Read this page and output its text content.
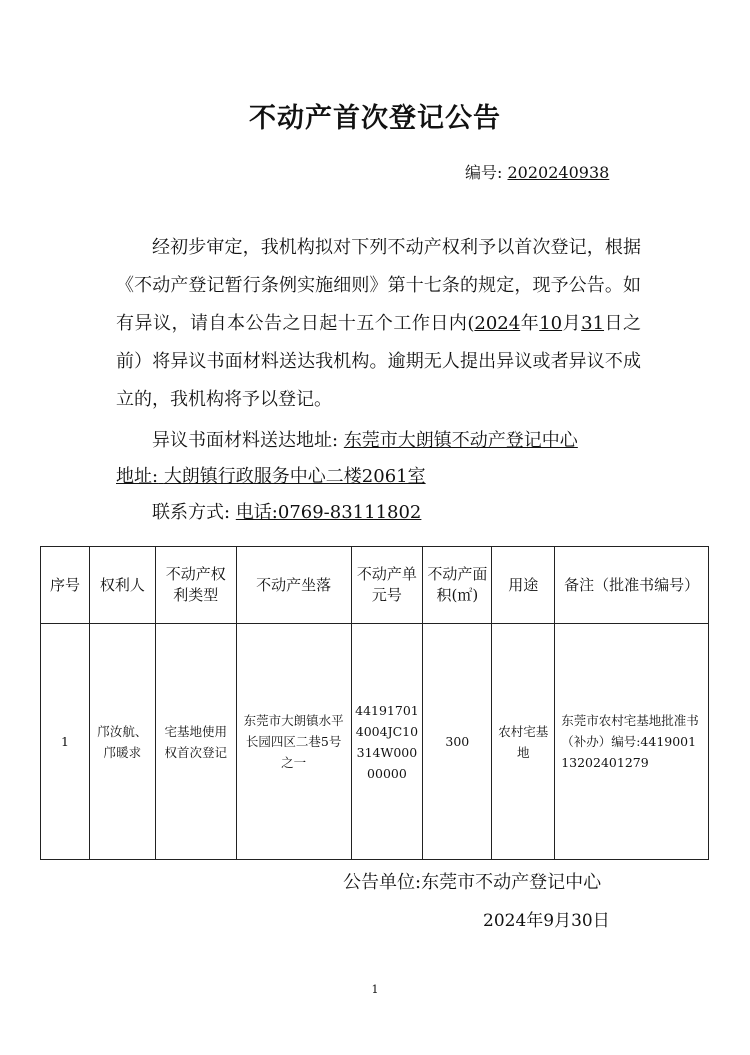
不动产首次登记公告
编号: 2020240938

经初步审定，我机构拟对下列不动产权利予以首次登记，根据《不动产登记暂行条例实施细则》第十七条的规定，现予公告。如有异议，请自本公告之日起十五个工作日内(2024年10月31日之前）将异议书面材料送达我机构。逾期无人提出异议或者异议不成立的，我机构将予以登记。

异议书面材料送达地址: 东莞市大朗镇不动产登记中心
地址: 大朗镇行政服务中心二楼2061室
联系方式: 电话:0769-83111802
序号	权利人	不动产权利类型	不动产坐落	不动产单元号	不动产面积(㎡)	用途	备注（批准书编号）
1	邝汝航、邝暖求	宅基地使用权首次登记	东莞市大朗镇水平长园四区二巷5号之一	441917014004JC10314W00000000	300	农村宅基地	东莞市农村宅基地批准书（补办）编号:441900113202401279
公告单位:东莞市不动产登记中心
2024年9月30日
1
